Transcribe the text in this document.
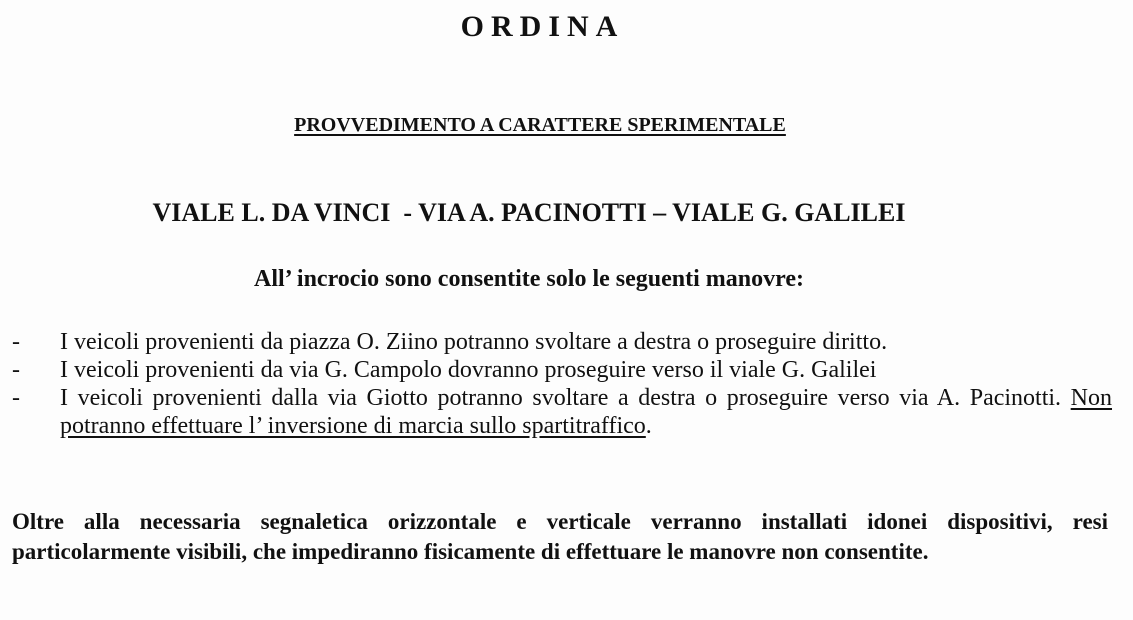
ORDINA
PROVVEDIMENTO A CARATTERE SPERIMENTALE
VIALE L. DA VINCI  - VIA A. PACINOTTI – VIALE G. GALILEI
All’ incrocio sono consentite solo le seguenti manovre:
- I veicoli provenienti da piazza O. Ziino potranno svoltare a destra o proseguire diritto.
- I veicoli provenienti da via G. Campolo dovranno proseguire verso il viale G. Galilei
- I veicoli provenienti dalla via Giotto potranno svoltare a destra o proseguire verso via A. Pacinotti. Non potranno effettuare l’ inversione di marcia sullo spartitraffico.

Oltre alla necessaria segnaletica orizzontale e verticale verranno installati idonei dispositivi, resi particolarmente visibili, che impediranno fisicamente di effettuare le manovre non consentite.
